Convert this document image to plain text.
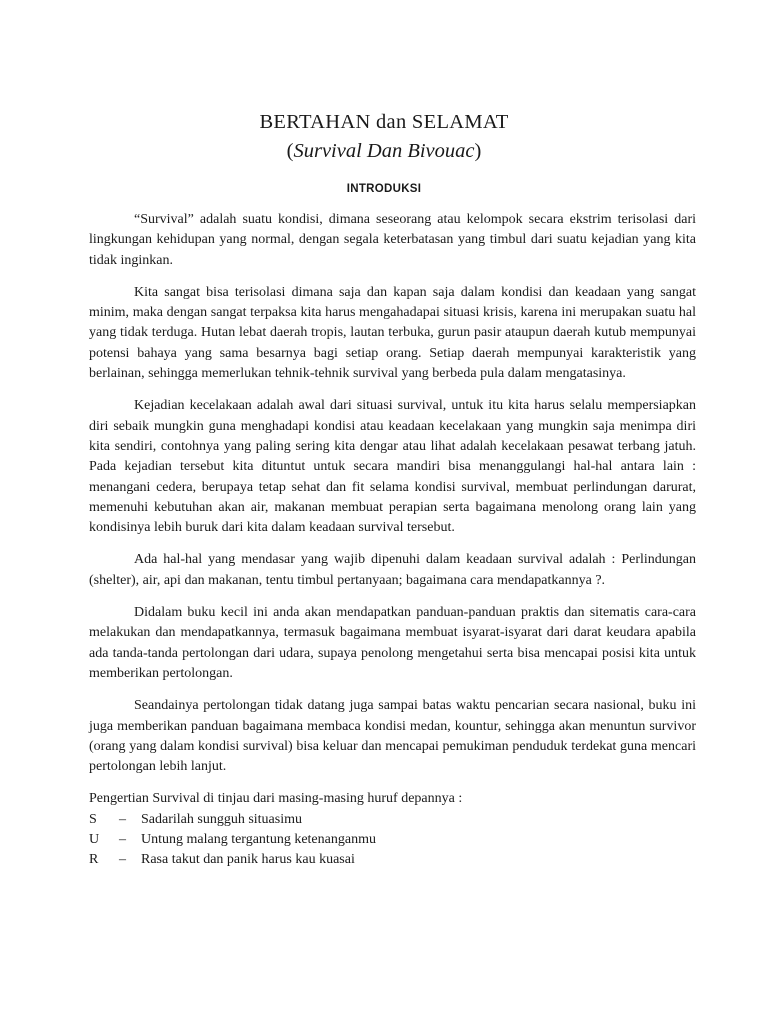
BERTAHAN dan SELAMAT
(Survival Dan Bivouac)
INTRODUKSI

“Survival” adalah suatu kondisi, dimana seseorang atau kelompok secara ekstrim terisolasi dari lingkungan kehidupan yang normal, dengan segala keterbatasan yang timbul dari suatu kejadian yang kita tidak inginkan.

Kita sangat bisa terisolasi dimana saja dan kapan saja dalam kondisi dan keadaan yang sangat minim, maka dengan sangat terpaksa kita harus mengahadapai situasi krisis, karena ini merupakan suatu hal yang tidak terduga. Hutan lebat daerah tropis, lautan terbuka, gurun pasir ataupun daerah kutub mempunyai potensi bahaya yang sama besarnya bagi setiap orang. Setiap daerah mempunyai karakteristik yang berlainan, sehingga memerlukan tehnik-tehnik survival yang berbeda pula dalam mengatasinya.

Kejadian kecelakaan adalah awal dari situasi survival, untuk itu kita harus selalu mempersiapkan diri sebaik mungkin guna menghadapi kondisi atau keadaan kecelakaan yang mungkin saja menimpa diri kita sendiri, contohnya yang paling sering kita dengar atau lihat adalah kecelakaan pesawat terbang jatuh. Pada kejadian tersebut kita dituntut untuk secara mandiri bisa menanggulangi hal-hal antara lain : menangani cedera, berupaya tetap sehat dan fit selama kondisi survival, membuat perlindungan darurat, memenuhi kebutuhan akan air, makanan membuat perapian serta bagaimana menolong orang lain yang kondisinya lebih buruk dari kita dalam keadaan survival tersebut.

Ada hal-hal yang mendasar yang wajib dipenuhi dalam keadaan survival adalah : Perlindungan (shelter), air, api dan makanan, tentu timbul pertanyaan; bagaimana cara mendapatkannya ?.

Didalam buku kecil ini anda akan mendapatkan panduan-panduan praktis dan sitematis cara-cara melakukan dan mendapatkannya, termasuk bagaimana membuat isyarat-isyarat dari darat keudara apabila ada tanda-tanda pertolongan dari udara, supaya penolong mengetahui serta bisa mencapai posisi kita untuk memberikan pertolongan.

Seandainya pertolongan tidak datang juga sampai batas waktu pencarian secara nasional, buku ini juga memberikan panduan bagaimana membaca kondisi medan, kountur, sehingga akan menuntun survivor (orang yang dalam kondisi survival) bisa keluar dan mencapai pemukiman penduduk terdekat guna mencari pertolongan lebih lanjut.

Pengertian Survival di tinjau dari masing-masing huruf depannya :
S	–	Sadarilah sungguh situasimu
U	–	Untung malang tergantung ketenanganmu
R	–	Rasa takut dan panik harus kau kuasai
